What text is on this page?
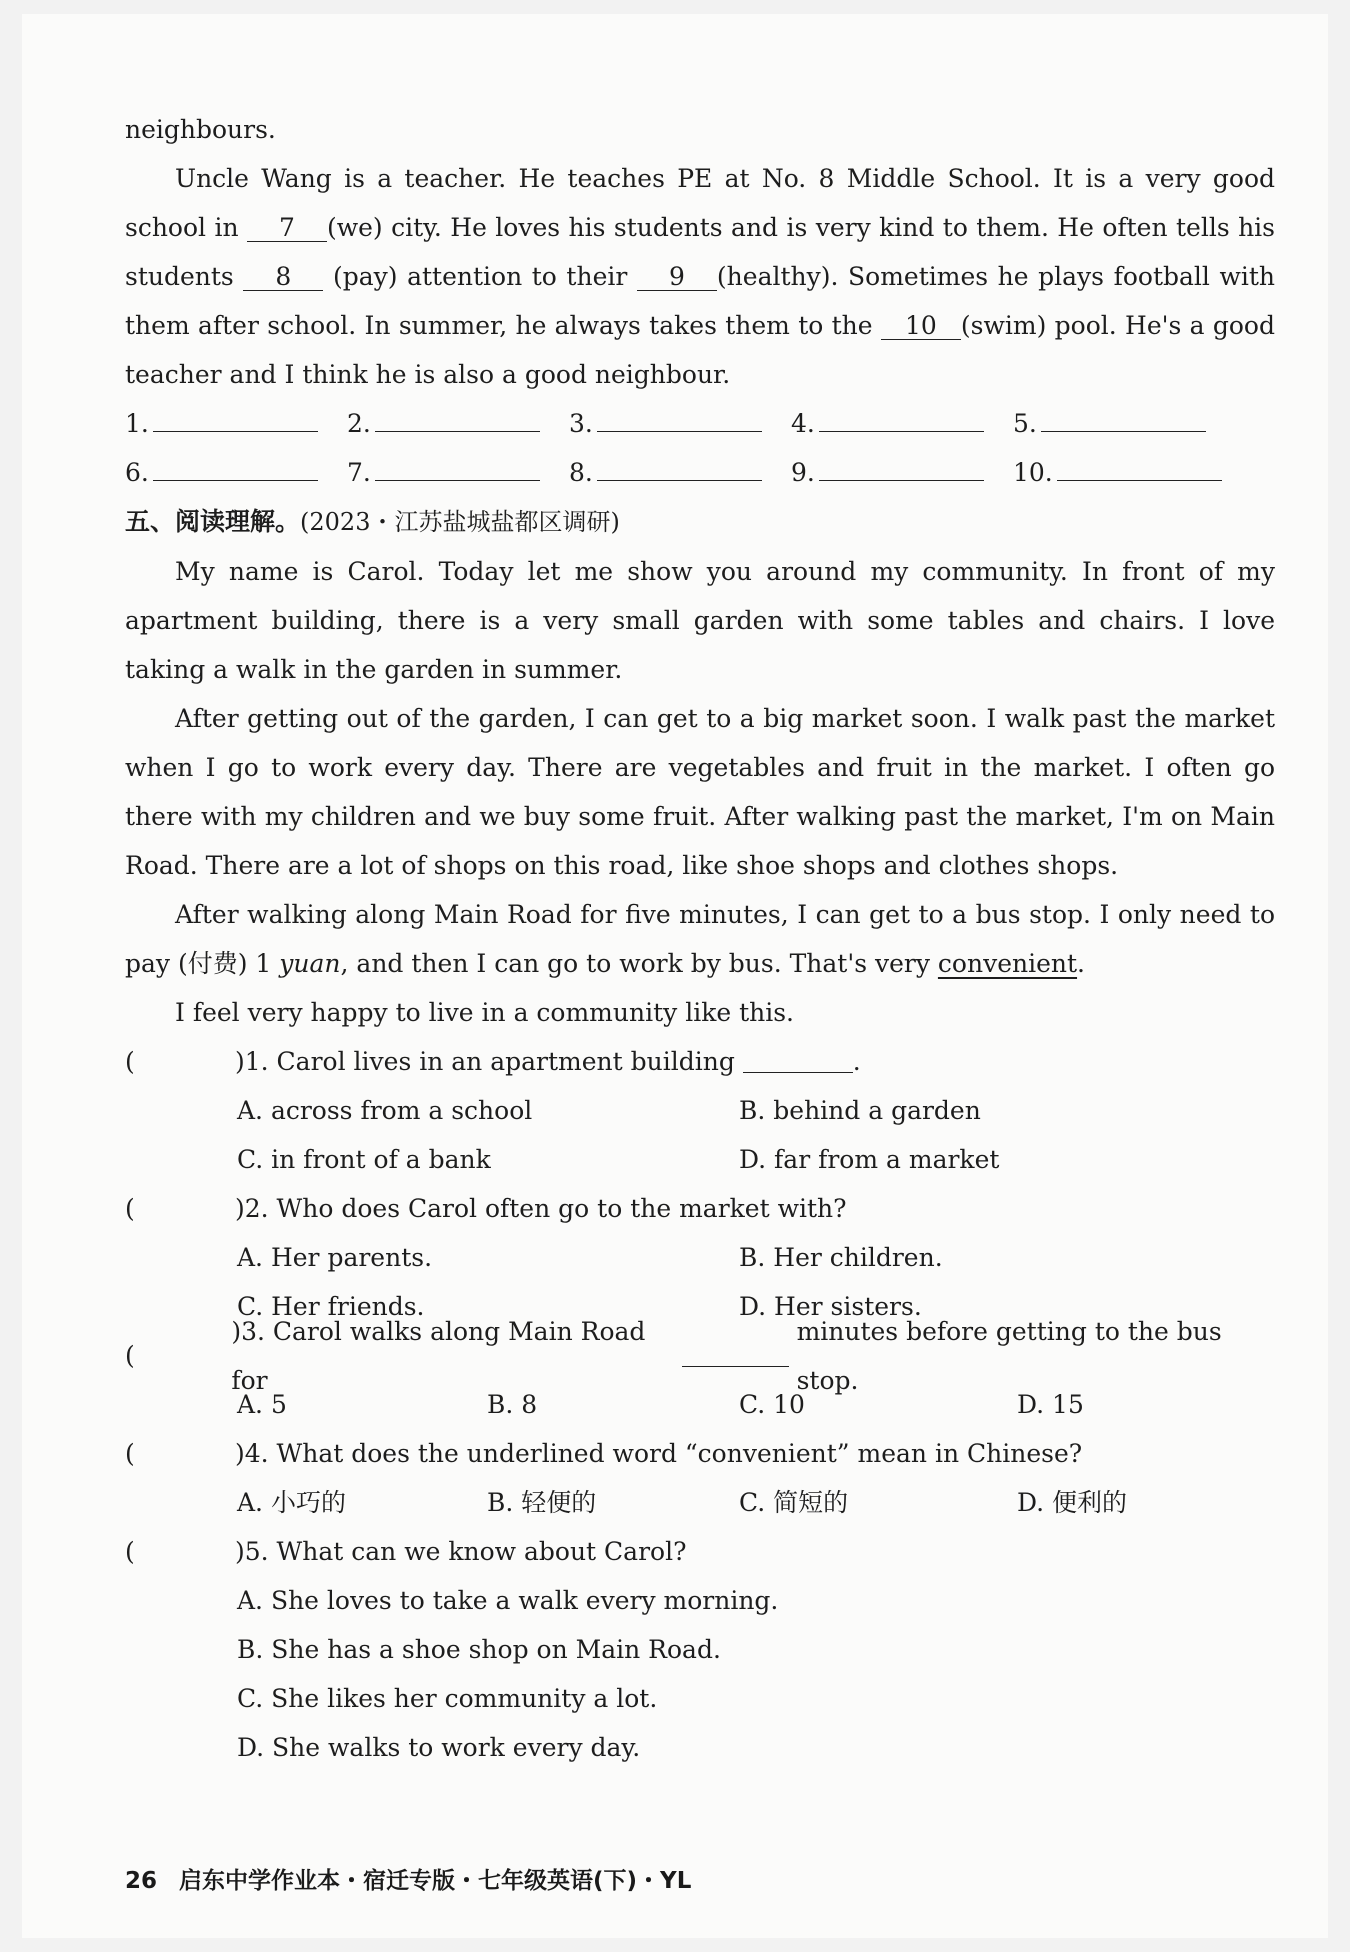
neighbours.

Uncle Wang is a teacher. He teaches PE at No. 8 Middle School. It is a very good school in 7 (we) city. He loves his students and is very kind to them. He often tells his students 8 (pay) attention to their 9 (healthy). Sometimes he plays football with them after school. In summer, he always takes them to the 10 (swim) pool. He's a good teacher and I think he is also a good neighbour.

1.	2.	3.	4.	5.
6.	7.	8.	9.	10.

五、阅读理解。(2023・江苏盐城盐都区调研)

My name is Carol. Today let me show you around my community. In front of my apartment building, there is a very small garden with some tables and chairs. I love taking a walk in the garden in summer.

After getting out of the garden, I can get to a big market soon. I walk past the market when I go to work every day. There are vegetables and fruit in the market. I often go there with my children and we buy some fruit. After walking past the market, I'm on Main Road. There are a lot of shops on this road, like shoe shops and clothes shops.

After walking along Main Road for five minutes, I can get to a bus stop. I only need to pay (付费) 1 yuan, and then I can go to work by bus. That's very convenient.

I feel very happy to live in a community like this.

(	)1. Carol lives in an apartment building
	.
A. across from a school	B. behind a garden
C. in front of a bank	D. far from a market
(	)2. Who does Carol often go to the market with?
A. Her parents.	B. Her children.
C. Her friends.	D. Her sisters.
(
)3. Carol walks along Main Road for

minutes before getting to the bus stop.
A. 5	B. 8	C. 10	D. 15
(	)4. What does the underlined word “convenient” mean in Chinese?
A. 小巧的	B. 轻便的	C. 简短的	D. 便利的
(	)5. What can we know about Carol?
A. She loves to take a walk every morning.
B. She has a shoe shop on Main Road.
C. She likes her community a lot.
D. She walks to work every day.
26 启东中学作业本・宿迁专版・七年级英语(下)・YL
